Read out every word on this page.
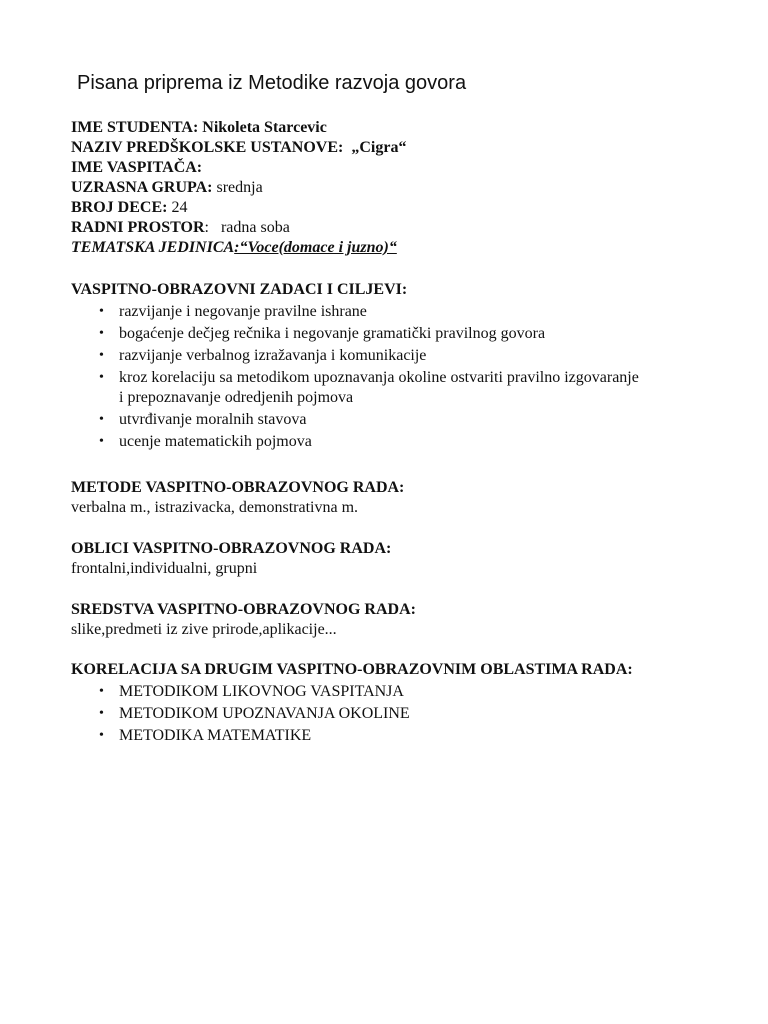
Pisana priprema iz Metodike razvoja govora
IME STUDENTA: Nikoleta Starcevic
NAZIV PREDŠKOLSKE USTANOVE: „Cigra“
IME VASPITAČA:
UZRASNA GRUPA: srednja
BROJ DECE: 24
RADNI PROSTOR: radna soba
TEMATSKA JEDINICA:“Voce(domace i juzno)“
VASPITNO-OBRAZOVNI ZADACI I CILJEVI:
• razvijanje i negovanje pravilne ishrane
• bogaćenje dečjeg rečnika i negovanje gramatički pravilnog govora
• razvijanje verbalnog izražavanja i komunikacije
• kroz korelaciju sa metodikom upoznavanja okoline ostvariti pravilno izgovaranje
i prepoznavanje odredjenih pojmova
• utvrđivanje moralnih stavova
• ucenje matematickih pojmova
METODE VASPITNO-OBRAZOVNOG RADA:
verbalna m., istrazivacka, demonstrativna m.
OBLICI VASPITNO-OBRAZOVNOG RADA:
frontalni,individualni, grupni
SREDSTVA VASPITNO-OBRAZOVNOG RADA:
slike,predmeti iz zive prirode,aplikacije...
KORELACIJA SA DRUGIM VASPITNO-OBRAZOVNIM OBLASTIMA RADA:
• METODIKOM LIKOVNOG VASPITANJA
• METODIKOM UPOZNAVANJA OKOLINE
• METODIKA MATEMATIKE
